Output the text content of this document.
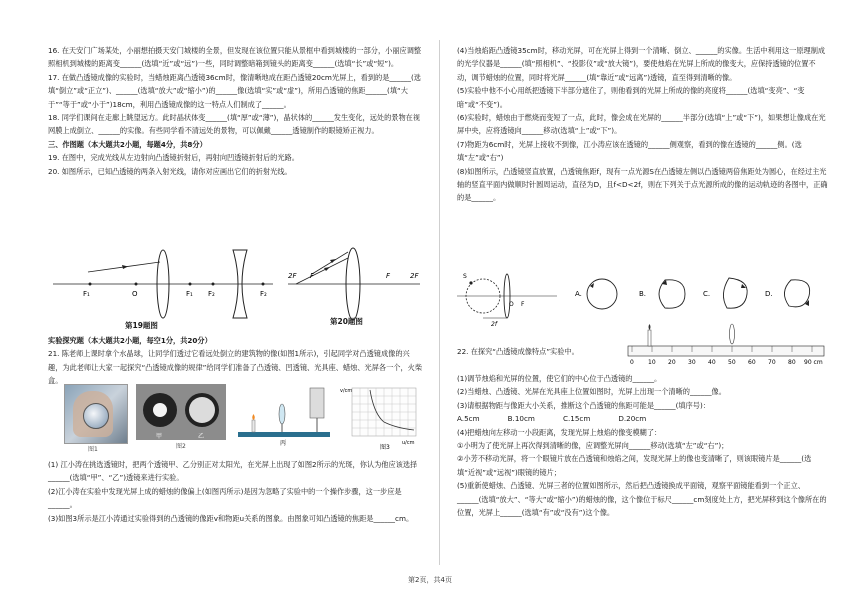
16. 在天安门广场某处，小丽想拍摄天安门城楼的全景，但发现在该位置只能从景框中看到城楼的一部分，小丽应调整照相机到城楼的距离变______(选填“近”或“远”)一些，同时调整暗箱到镜头的距离变______(选填“长”或“短”)。

17. 在做凸透镜成像的实验时，当蜡烛距离凸透镜36cm时，像清晰地成在距凸透镜20cm光屏上，看到的是______(选填“倒立”或“正立”)、______(选填“放大”或“缩小”)的______像(选填“实”或“虚”)，所用凸透镜的焦距______(填“大于”“等于”或“小于”)18cm，利用凸透镜成像的这一特点人们制成了______。

18. 同学们课间在走廊上眺望远方。此时晶状体变______(填“厚”或“薄”)，晶状体的______发生变化，远处的景物在视网膜上成倒立、______的实像。有些同学看不清远处的景物，可以佩戴______透镜制作的眼镜矫正视力。

三、作图题（本大题共2小题，每题4分，共8分）

19. 在图中，完成光线从左边射向凸透镜折射后，再射向凹透镜折射后的光路。

20. 如图所示，已知凸透镜的两条入射光线，请你对应画出它们的折射光线。

F₁	O	F₁ F₂	F₂
2F F	F	2F
第19题图	第20题图

实验探究题（本大题共2小题，每空1分，共20分）

21. 陈老师上课时拿个水晶球，让同学们透过它看远处倒立的建筑物的像(如图1所示)，引起同学对凸透镜成像的兴趣，为此老师让大家一起探究“凸透镜成像的规律”给同学们准备了凸透镜、凹透镜、光具座、蜡烛、光屏各一个，火柴盒。

图1
甲	乙
图2	丙
v/cm
u/cm
图3

(1) 江小涛在挑选透镜时，把两个透镜甲、乙分别正对太阳光，在光屏上出现了如图2所示的光斑，你认为他应该选择______(选填“甲”、“乙”)透镜来进行实验。

(2)江小涛在实验中发现光屏上成的蜡烛的像偏上(如图丙所示)是因为忽略了实验中的一个操作步骤，这一步应是______。

(3)如图3所示是江小涛通过实验得到的凸透镜的像距v和物距u关系的图象。由图象可知凸透镜的焦距是______cm。

(4)当烛焰距凸透镜35cm时，移动光屏，可在光屏上得到一个清晰、倒立、______的实像。生活中利用这一原理制成的光学仪器是______(填“照相机”、“投影仪”或“放大镜”)，要使烛焰在光屏上所成的像变大，应保持透镜的位置不动，调节蜡烛的位置，同时将光屏______(填“靠近”或“远离”)透镜，直至得到清晰的像。

(5)实验中他不小心用纸把透镜下半部分遮住了，则他看到的光屏上所成的像的亮度将______(选填“变亮”、“变暗”或“不变”)。

(6)实验时，蜡烛由于燃烧而变短了一点，此时，像会成在光屏的______半部分(选填“上”或“下”)，如果想让像成在光屏中央，应将透镜向______移动(选填“上”或“下”)。

(7)物距为6cm时，光屏上接收不到像，江小涛应该在透镜的______侧观察，看到的像在透镜的______侧。(选填“左”或“右”)

(8)如图所示，凸透镜竖直放置，凸透镜焦距f，现有一点光源S在凸透镜左侧以凸透镜两倍焦距处为圆心，在经过主光轴的竖直平面内做顺时针圆周运动，直径为D，且f<D<2f，则在下列关于点光源所成的像的运动轨迹的各图中，正确的是______。

S
O F
2f
A.	B.	C.	D.
0 10 20 30 40 50 60 70 80 90 cm

22. 在探究“凸透镜成像特点”实验中。

(1)调节烛焰和光屏的位置，使它们的中心位于凸透镜的______。

(2)当蜡烛、凸透镜、光屏在光具座上位置如图时，光屏上出现一个清晰的______像。

(3)请根据物距与像距大小关系，推断这个凸透镜的焦距可能是______(填序号)：

A.5cm	B.10cm	C.15cm	D.20cm

(4)把蜡烛向左移动一小段距离，发现光屏上烛焰的像变模糊了：

①小明为了使光屏上再次得到清晰的像，应调整光屏向______移动(选填“左”或“右”)；

②小芳不移动光屏，将一个眼镜片放在凸透镜和烛焰之间，发现光屏上的像也变清晰了，则该眼镜片是______(选填“近视”或“远视”)眼镜的镜片；

(5)重新使蜡烛、凸透镜、光屏三者的位置如图所示，然后把凸透镜换成平面镜，观察平面镜能看到一个正立、______(选填“放大”、“等大”或“缩小”)的蜡烛的像，这个像位于标尺______cm刻度处上方，把光屏移到这个像所在的位置，光屏上______(选填“有”或“没有”)这个像。

第2页，共4页
